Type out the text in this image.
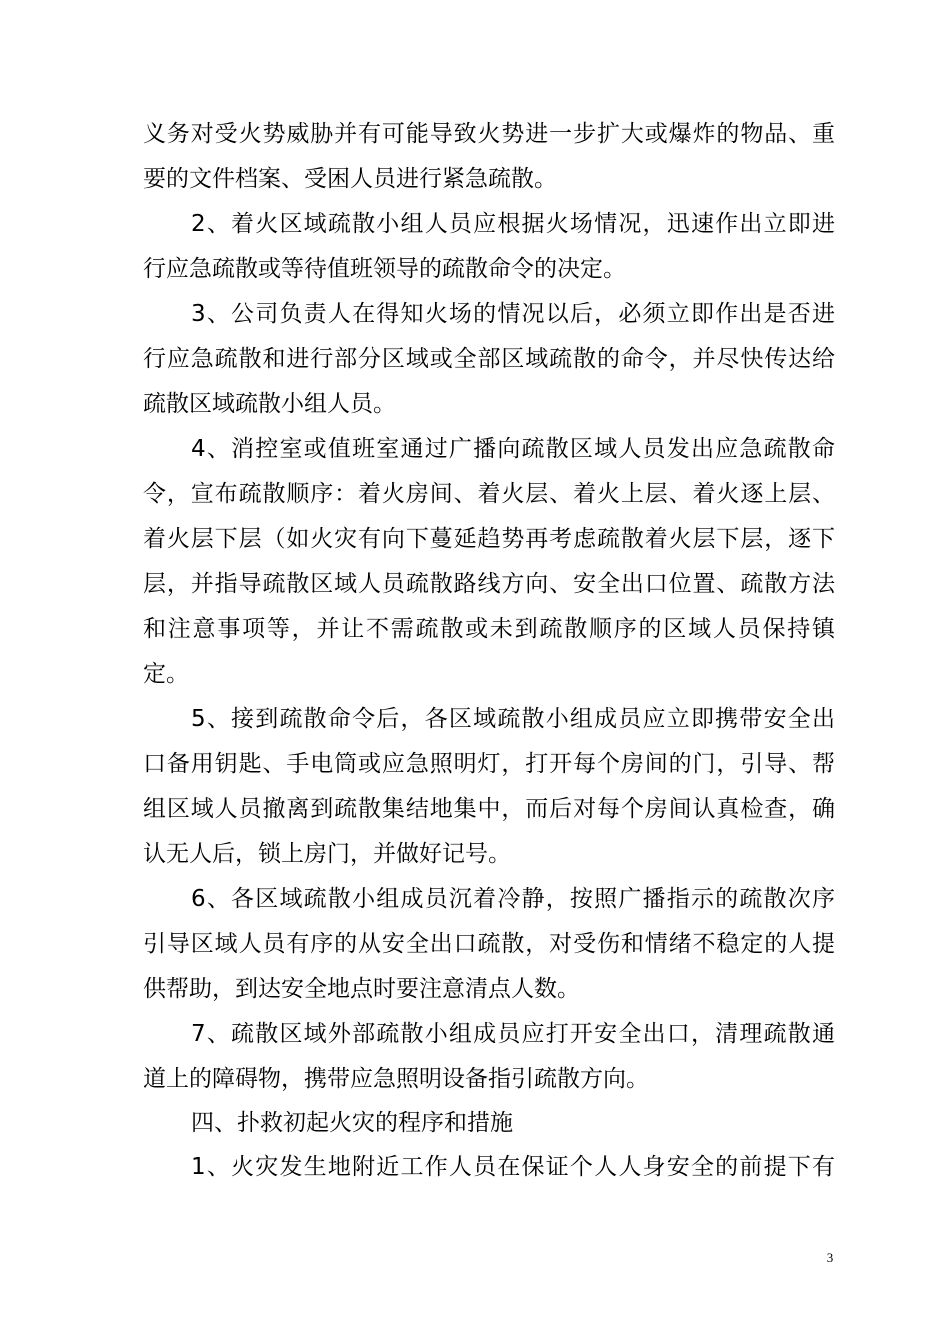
义务对受火势威胁并有可能导致火势进一步扩大或爆炸的物品、重
要的文件档案、受困人员进行紧急疏散。
2、着火区域疏散小组人员应根据火场情况，迅速作出立即进
行应急疏散或等待值班领导的疏散命令的决定。
3、公司负责人在得知火场的情况以后，必须立即作出是否进
行应急疏散和进行部分区域或全部区域疏散的命令，并尽快传达给
疏散区域疏散小组人员。
4、消控室或值班室通过广播向疏散区域人员发出应急疏散命
令，宣布疏散顺序：着火房间、着火层、着火上层、着火逐上层、
着火层下层（如火灾有向下蔓延趋势再考虑疏散着火层下层，逐下
层，并指导疏散区域人员疏散路线方向、安全出口位置、疏散方法
和注意事项等，并让不需疏散或未到疏散顺序的区域人员保持镇
定。
5、接到疏散命令后，各区域疏散小组成员应立即携带安全出
口备用钥匙、手电筒或应急照明灯，打开每个房间的门，引导、帮
组区域人员撤离到疏散集结地集中，而后对每个房间认真检查，确
认无人后，锁上房门，并做好记号。
6、各区域疏散小组成员沉着冷静，按照广播指示的疏散次序
引导区域人员有序的从安全出口疏散，对受伤和情绪不稳定的人提
供帮助，到达安全地点时要注意清点人数。
7、疏散区域外部疏散小组成员应打开安全出口，清理疏散通
道上的障碍物，携带应急照明设备指引疏散方向。
四、扑救初起火灾的程序和措施
1、火灾发生地附近工作人员在保证个人人身安全的前提下有
3
